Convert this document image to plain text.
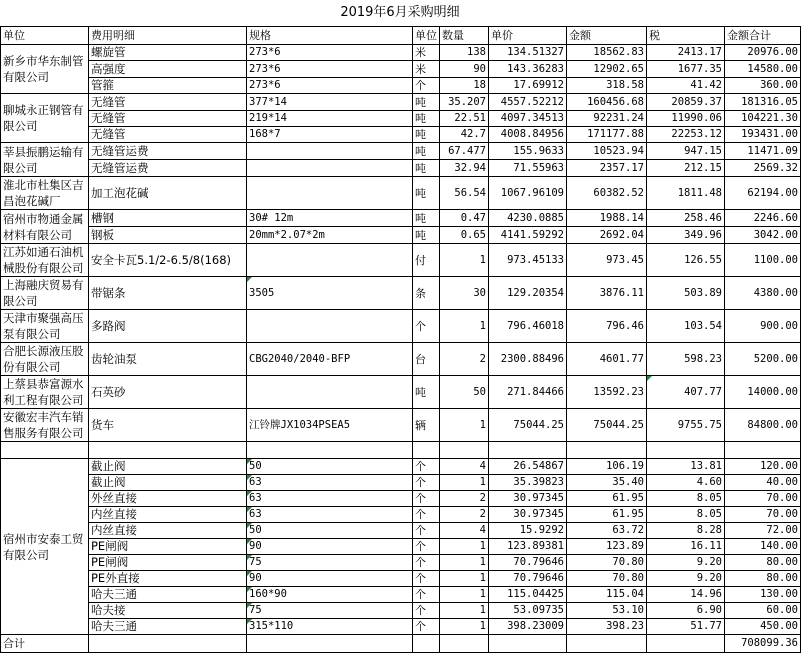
2019年6月采购明细
单位	费用明细	规格	单位	数量	单价	金额	税	金额合计
新乡市华东制管有限公司	螺旋管	273*6	米	138	134.51327	18562.83	2413.17	20976.00
	高强度	273*6	米	90	143.36283	12902.65	1677.35	14580.00
	管箍	273*6	个	18	17.69912	318.58	41.42	360.00
聊城永正钢管有限公司	无缝管	377*14	吨	35.207	4557.52212	160456.68	20859.37	181316.05
	无缝管	219*14	吨	22.51	4097.34513	92231.24	11990.06	104221.30
	无缝管	168*7	吨	42.7	4008.84956	171177.88	22253.12	193431.00
莘县振鹏运输有限公司	无缝管运费		吨	67.477	155.9633	10523.94	947.15	11471.09
	无缝管运费		吨	32.94	71.55963	2357.17	212.15	2569.32
淮北市杜集区吉昌泡花碱厂	加工泡花碱		吨	56.54	1067.96109	60382.52	1811.48	62194.00
宿州市物通金属材料有限公司	槽钢	30# 12m	吨	0.47	4230.0885	1988.14	258.46	2246.60
	钢板	20mm*2.07*2m	吨	0.65	4141.59292	2692.04	349.96	3042.00
江苏如通石油机械股份有限公司	安全卡瓦5.1/2-6.5/8(168)		付	1	973.45133	973.45	126.55	1100.00
上海融庆贸易有限公司	带锯条	3505	条	30	129.20354	3876.11	503.89	4380.00
天津市聚强高压泵有限公司	多路阀		个	1	796.46018	796.46	103.54	900.00
合肥长源液压股份有限公司	齿轮油泵	CBG2040/2040-BFP	台	2	2300.88496	4601.77	598.23	5200.00
上蔡县恭富源水利工程有限公司	石英砂		吨	50	271.84466	13592.23	407.77	14000.00
安徽宏丰汽车销售服务有限公司	货车	江铃牌JX1034PSEA5	辆	1	75044.25	75044.25	9755.75	84800.00

宿州市安泰工贸有限公司	截止阀	50	个	4	26.54867	106.19	13.81	120.00
	截止阀	63	个	1	35.39823	35.40	4.60	40.00
	外丝直接	63	个	2	30.97345	61.95	8.05	70.00
	内丝直接	63	个	2	30.97345	61.95	8.05	70.00
	内丝直接	50	个	4	15.9292	63.72	8.28	72.00
	PE闸阀	90	个	1	123.89381	123.89	16.11	140.00
	PE闸阀	75	个	1	70.79646	70.80	9.20	80.00
	PE外直接	90	个	1	70.79646	70.80	9.20	80.00
	哈夫三通	160*90	个	1	115.04425	115.04	14.96	130.00
	哈夫接	75	个	1	53.09735	53.10	6.90	60.00
	哈夫三通	315*110	个	1	398.23009	398.23	51.77	450.00
合计								708099.36
